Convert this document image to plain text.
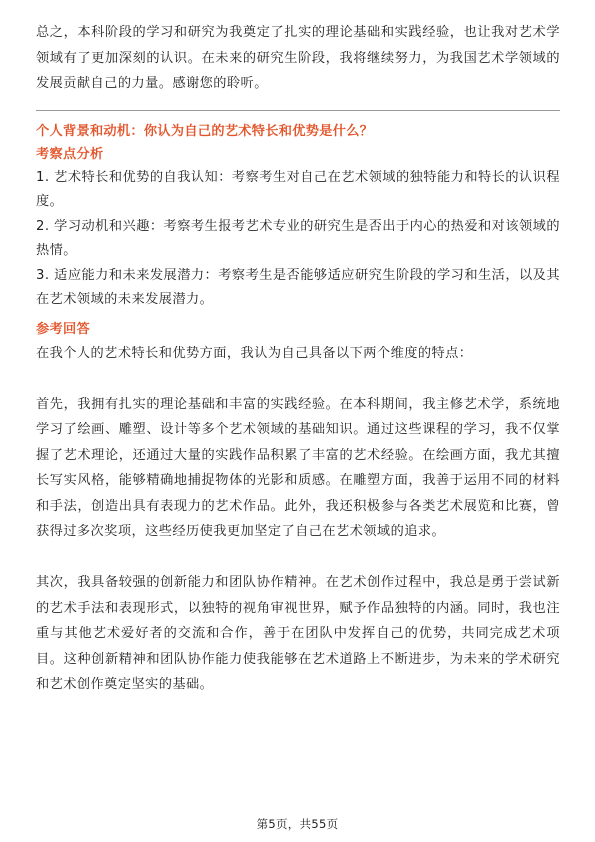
总之，本科阶段的学习和研究为我奠定了扎实的理论基础和实践经验，也让我对艺术学领域有了更加深刻的认识。在未来的研究生阶段，我将继续努力，为我国艺术学领域的发展贡献自己的力量。感谢您的聆听。

个人背景和动机：你认为自己的艺术特长和优势是什么？

考察点分析

1. 艺术特长和优势的自我认知：考察考生对自己在艺术领域的独特能力和特长的认识程度。

2. 学习动机和兴趣：考察考生报考艺术专业的研究生是否出于内心的热爱和对该领域的热情。

3. 适应能力和未来发展潜力：考察考生是否能够适应研究生阶段的学习和生活，以及其在艺术领域的未来发展潜力。

参考回答

在我个人的艺术特长和优势方面，我认为自己具备以下两个维度的特点：

首先，我拥有扎实的理论基础和丰富的实践经验。在本科期间，我主修艺术学，系统地学习了绘画、雕塑、设计等多个艺术领域的基础知识。通过这些课程的学习，我不仅掌握了艺术理论，还通过大量的实践作品积累了丰富的艺术经验。在绘画方面，我尤其擅长写实风格，能够精确地捕捉物体的光影和质感。在雕塑方面，我善于运用不同的材料和手法，创造出具有表现力的艺术作品。此外，我还积极参与各类艺术展览和比赛，曾获得过多次奖项，这些经历使我更加坚定了自己在艺术领域的追求。

其次，我具备较强的创新能力和团队协作精神。在艺术创作过程中，我总是勇于尝试新的艺术手法和表现形式，以独特的视角审视世界，赋予作品独特的内涵。同时，我也注重与其他艺术爱好者的交流和合作，善于在团队中发挥自己的优势，共同完成艺术项目。这种创新精神和团队协作能力使我能够在艺术道路上不断进步，为未来的学术研究和艺术创作奠定坚实的基础。

第5页，共55页
